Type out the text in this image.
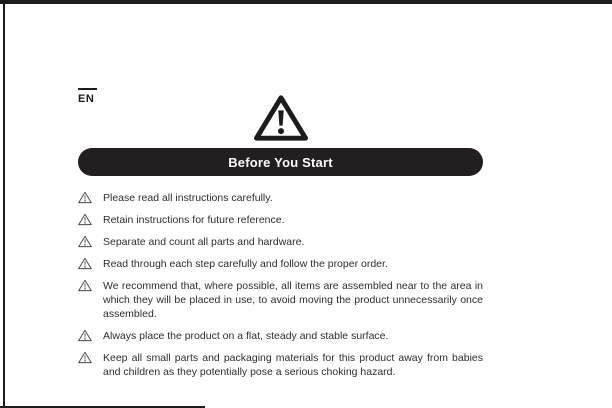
EN
Before You Start
Please read all instructions carefully.
Retain instructions for future reference.
Separate and count all parts and hardware.
Read through each step carefully and follow the proper order.
We recommend that, where possible, all items are assembled near to the area in which they will be placed in use, to avoid moving the product unnecessarily once assembled.
Always place the product on a flat, steady and stable surface.
Keep all small parts and packaging materials for this product away from babies and children as they potentially pose a serious choking hazard.
